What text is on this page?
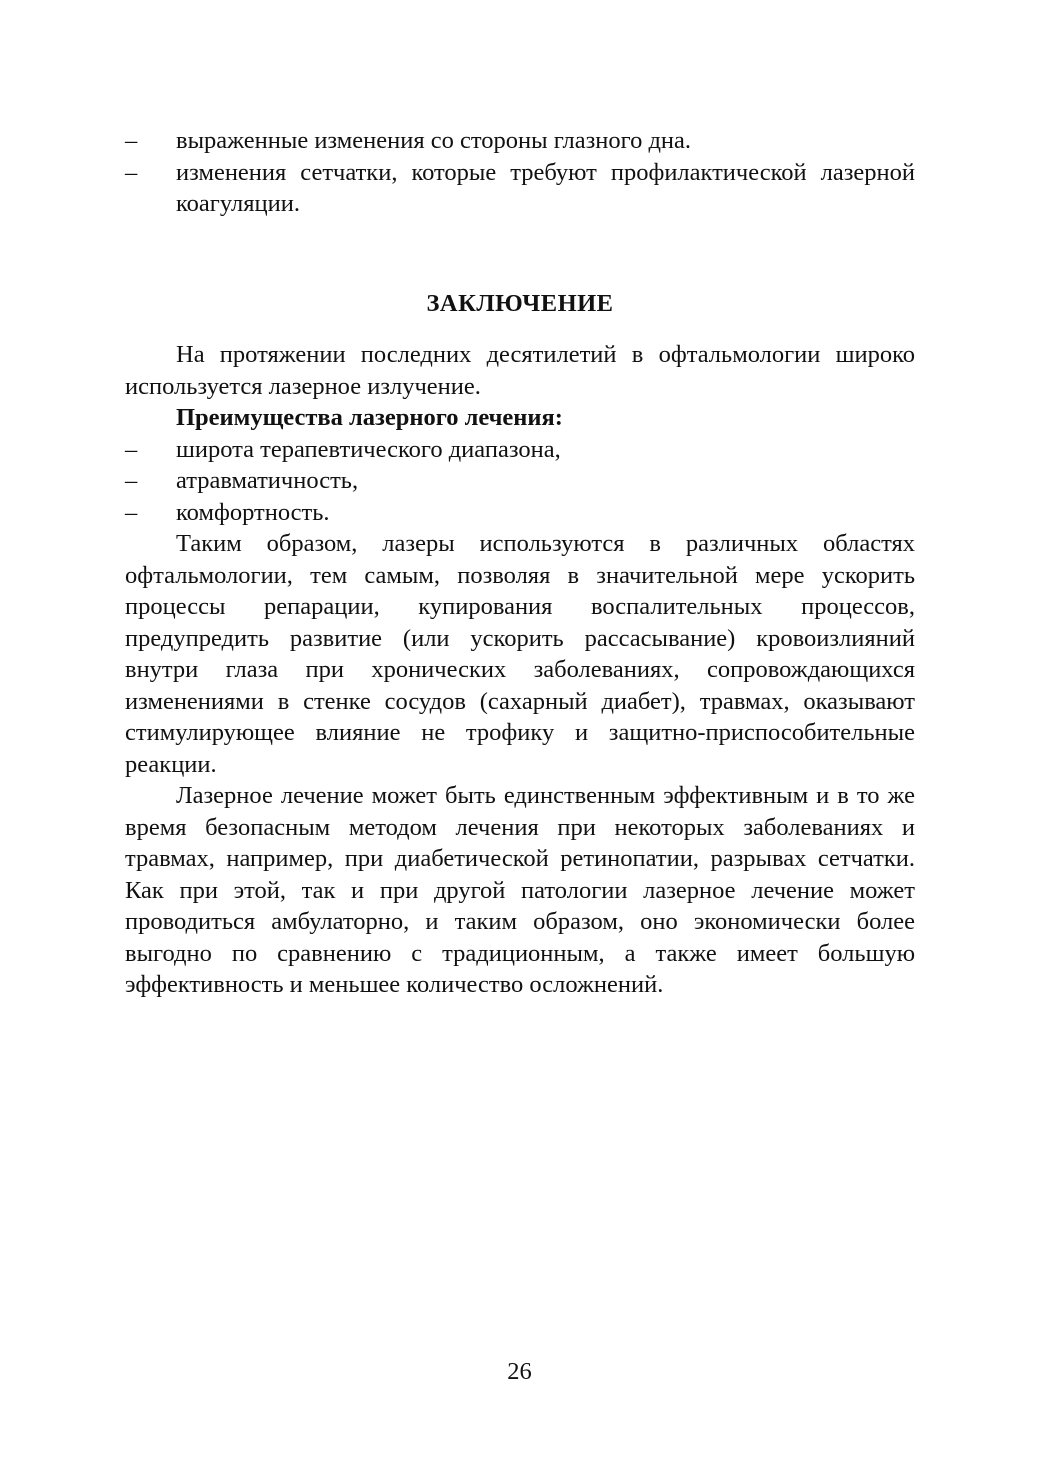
– выраженные изменения со стороны глазного дна.
– изменения сетчатки, которые требуют профилактической лазерной коагуляции.
ЗАКЛЮЧЕНИЕ

На протяжении последних десятилетий в офтальмологии широко используется лазерное излучение.

Преимущества лазерного лечения:
– широта терапевтического диапазона,
– атравматичность,
– комфортность.

Таким образом, лазеры используются в различных областях офтальмологии, тем самым, позволяя в значительной мере ускорить процессы репарации, купирования воспалительных процессов, предупредить развитие (или ускорить рассасывание) кровоизлияний внутри глаза при хронических заболеваниях, сопровождающихся изменениями в стенке сосудов (сахарный диабет), травмах, оказывают стимулирующее влияние не трофику и защитно-приспособительные реакции.

Лазерное лечение может быть единственным эффективным и в то же время безопасным методом лечения при некоторых заболеваниях и травмах, например, при диабетической ретинопатии, разрывах сетчатки. Как при этой, так и при другой патологии лазерное лечение может проводиться амбулаторно, и таким образом, оно экономически более выгодно по сравнению с традиционным, а также имеет большую эффективность и меньшее количество осложнений.

26
